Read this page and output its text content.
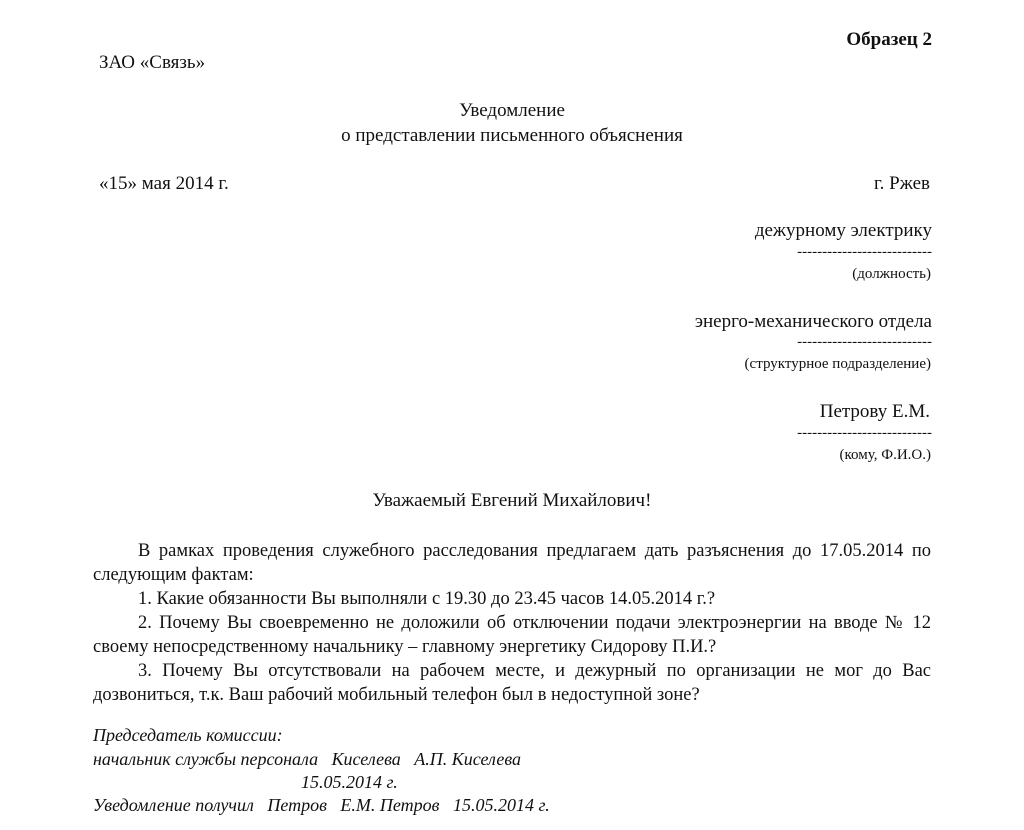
Образец 2
ЗАО «Связь»
Уведомление
о представлении письменного объяснения
«15» мая 2014 г.	г. Ржев
дежурному электрику
---------------------------
(должность)
энерго-механического отдела
---------------------------
(структурное подразделение)
Петрову Е.М.
---------------------------
(кому, Ф.И.О.)
Уважаемый Евгений Михайлович!
В рамках проведения служебного расследования предлагаем дать разъяснения до 17.05.2014 по следующим фактам:
1. Какие обязанности Вы выполняли с 19.30 до 23.45 часов 14.05.2014 г.?
2. Почему Вы своевременно не доложили об отключении подачи электроэнергии на вводе № 12 своему непосредственному начальнику – главному энергетику Сидорову П.И.?
3. Почему Вы отсутствовали на рабочем месте, и дежурный по организации не мог до Вас дозвониться, т.к. Ваш рабочий мобильный телефон был в недоступной зоне?
Председатель комиссии:
начальник службы персонала   Киселева   А.П. Киселева
15.05.2014 г.
Уведомление получил   Петров   Е.М. Петров   15.05.2014 г.
